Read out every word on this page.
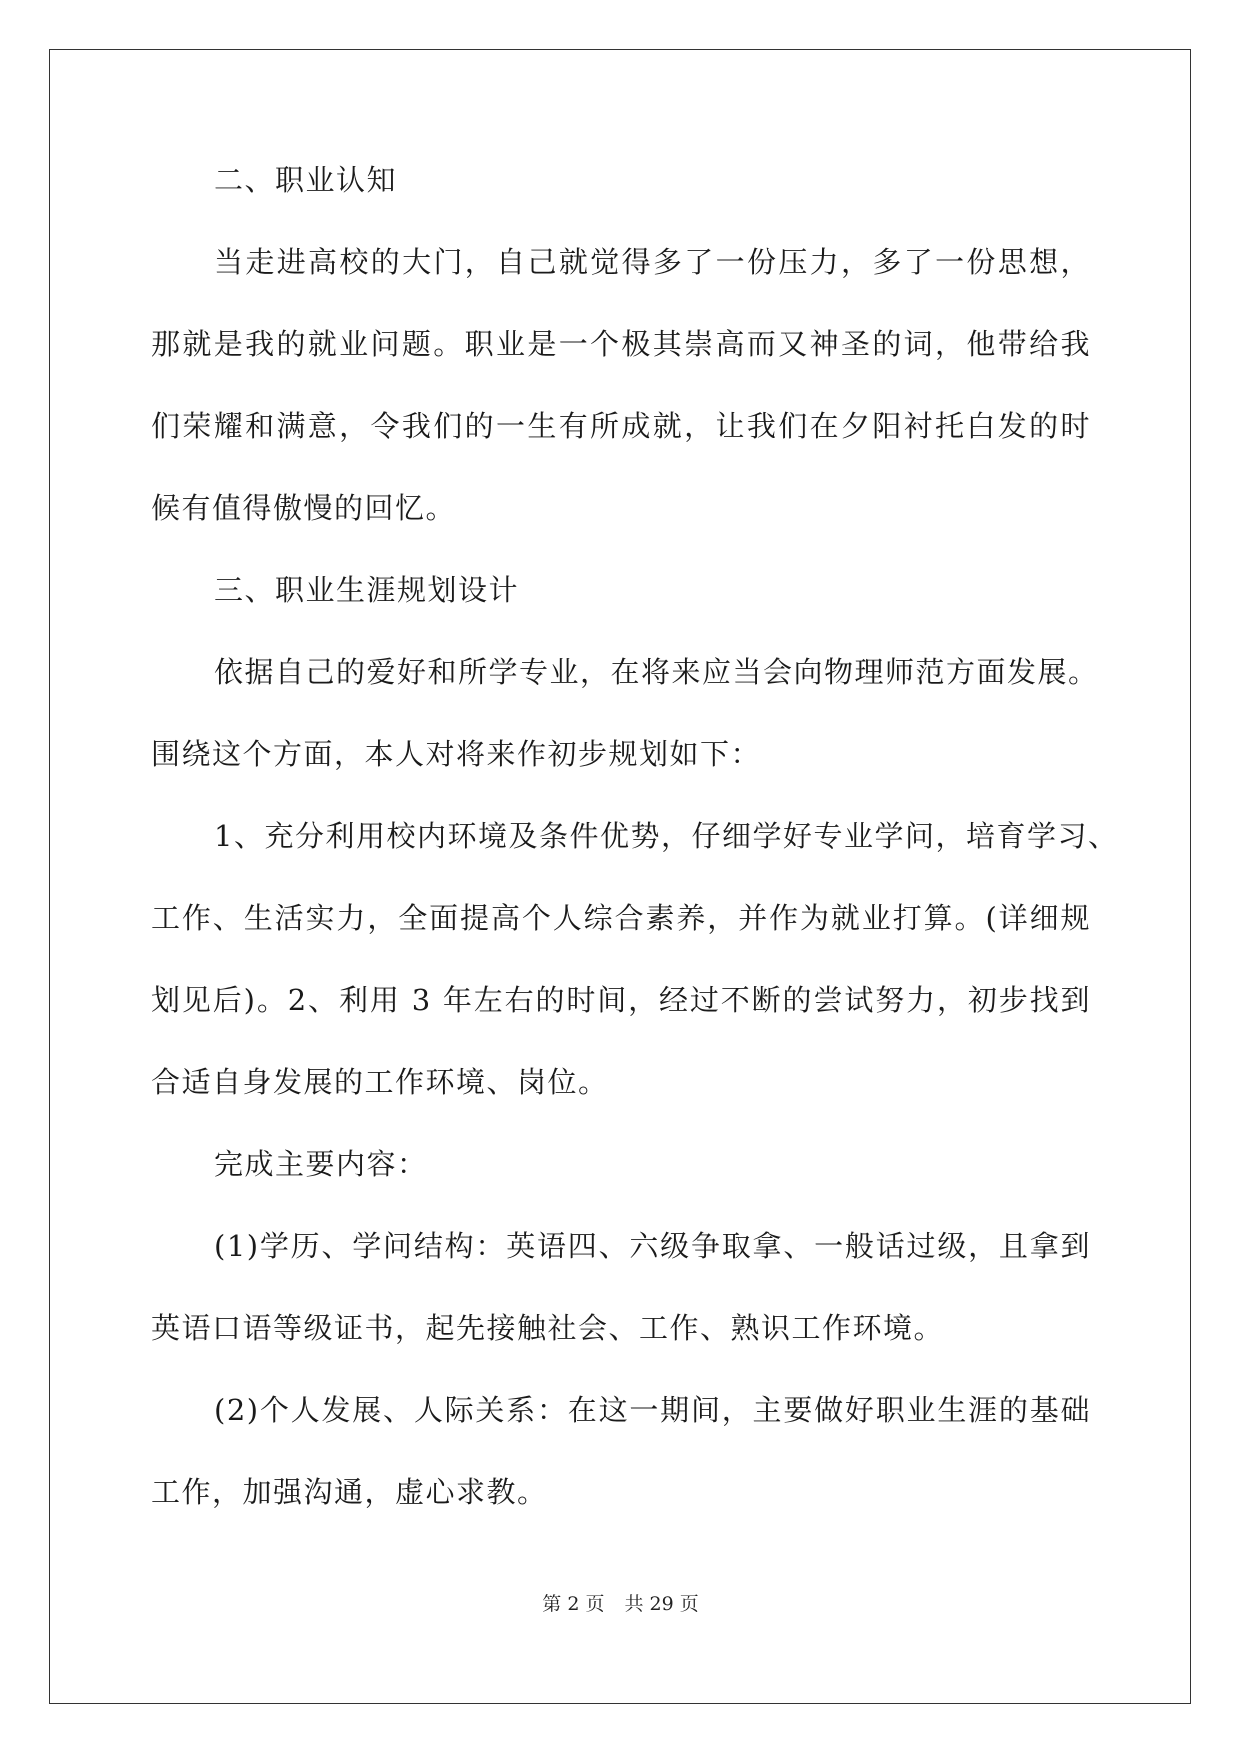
二、职业认知
当走进高校的大门，自己就觉得多了一份压力，多了一份思想，
那就是我的就业问题。职业是一个极其崇高而又神圣的词，他带给我
们荣耀和满意，令我们的一生有所成就，让我们在夕阳衬托白发的时
候有值得傲慢的回忆。
三、职业生涯规划设计
依据自己的爱好和所学专业，在将来应当会向物理师范方面发展。
围绕这个方面，本人对将来作初步规划如下：
1、充分利用校内环境及条件优势，仔细学好专业学问，培育学习、
工作、生活实力，全面提高个人综合素养，并作为就业打算。(详细规
划见后)。2、利用 3 年左右的时间，经过不断的尝试努力，初步找到
合适自身发展的工作环境、岗位。
完成主要内容：
(1)学历、学问结构：英语四、六级争取拿、一般话过级，且拿到
英语口语等级证书，起先接触社会、工作、熟识工作环境。
(2)个人发展、人际关系：在这一期间，主要做好职业生涯的基础
工作，加强沟通，虚心求教。
第 2 页 共 29 页
